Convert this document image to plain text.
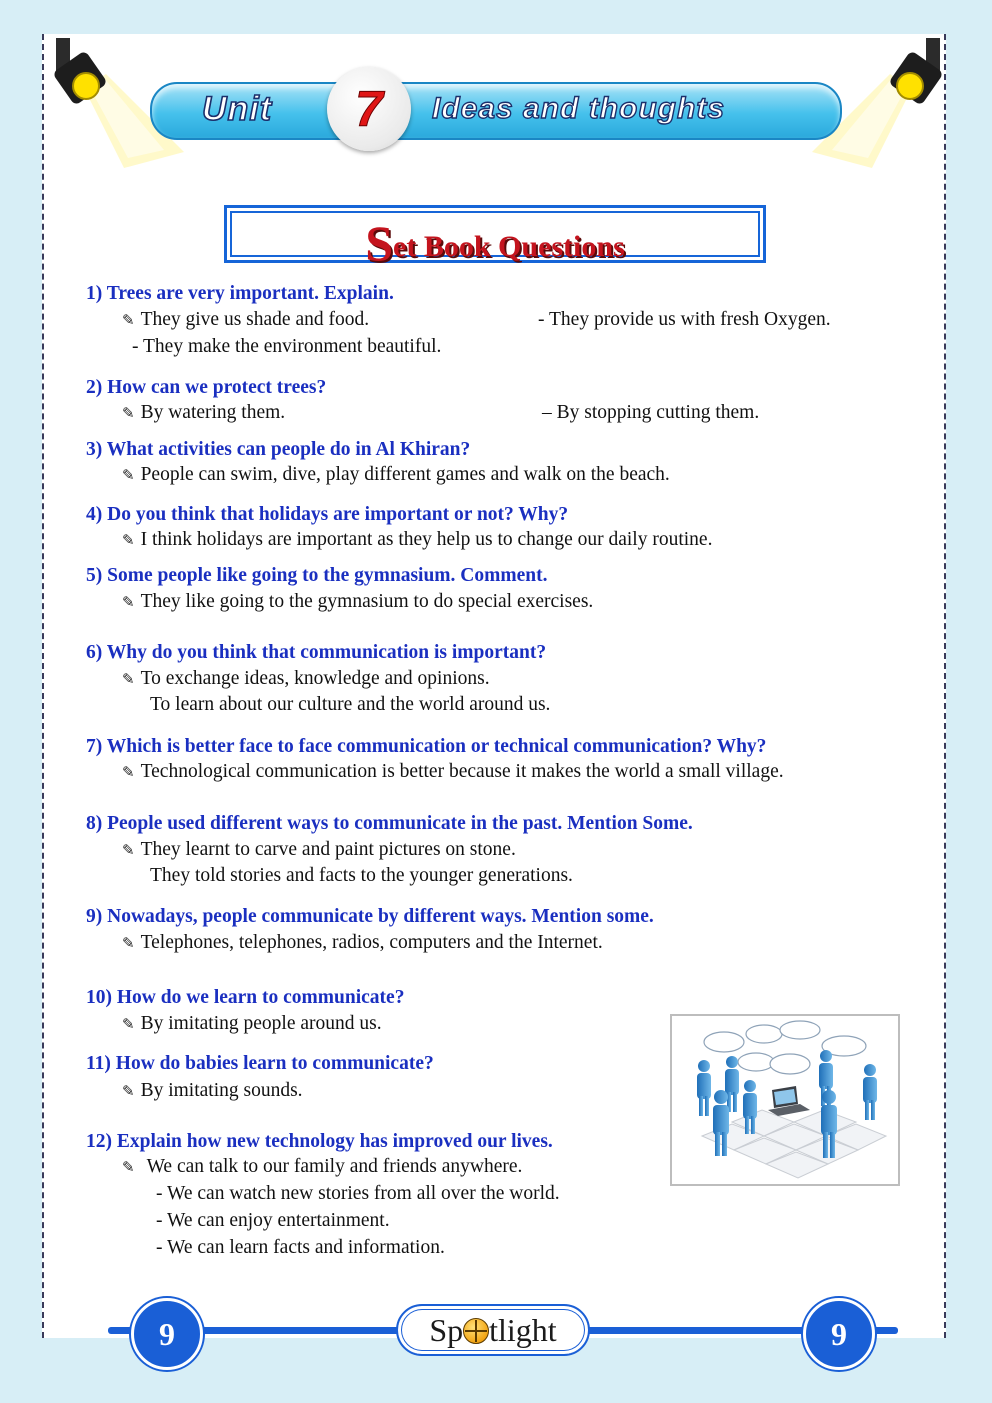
Unit	7	Ideas and thoughts
Set Book Questions
1) Trees are very important. Explain.
✎ They give us shade and food.	- They provide us with fresh Oxygen.
- They make the environment beautiful.
2) How can we protect trees?
✎ By watering them.	– By stopping cutting them.
3) What activities can people do in Al Khiran?
✎ People can swim, dive, play different games and walk on the beach.
4) Do you think that holidays are important or not? Why?
✎ I think holidays are important as they help us to change our daily routine.
5) Some people like going to the gymnasium. Comment.
✎ They like going to the gymnasium to do special exercises.
6) Why do you think that communication is important?
✎ To exchange ideas, knowledge and opinions.
To learn about our culture and the world around us.
7) Which is better face to face communication or technical communication? Why?
✎ Technological communication is better because it makes the world a small village.
8) People used different ways to communicate in the past. Mention Some.
✎ They learnt to carve and paint pictures on stone.
They told stories and facts to the younger generations.
9) Nowadays, people communicate by different ways. Mention some.
✎ Telephones, telephones, radios, computers and the Internet.
10) How do we learn to communicate?
✎ By imitating people around us.
11) How do babies learn to communicate?
✎ By imitating sounds.
12) Explain how new technology has improved our lives.
✎ We can talk to our family and friends anywhere.
- We can watch new stories from all over the world.
- We can enjoy entertainment.
- We can learn facts and information.
9	9
Sp tlight
